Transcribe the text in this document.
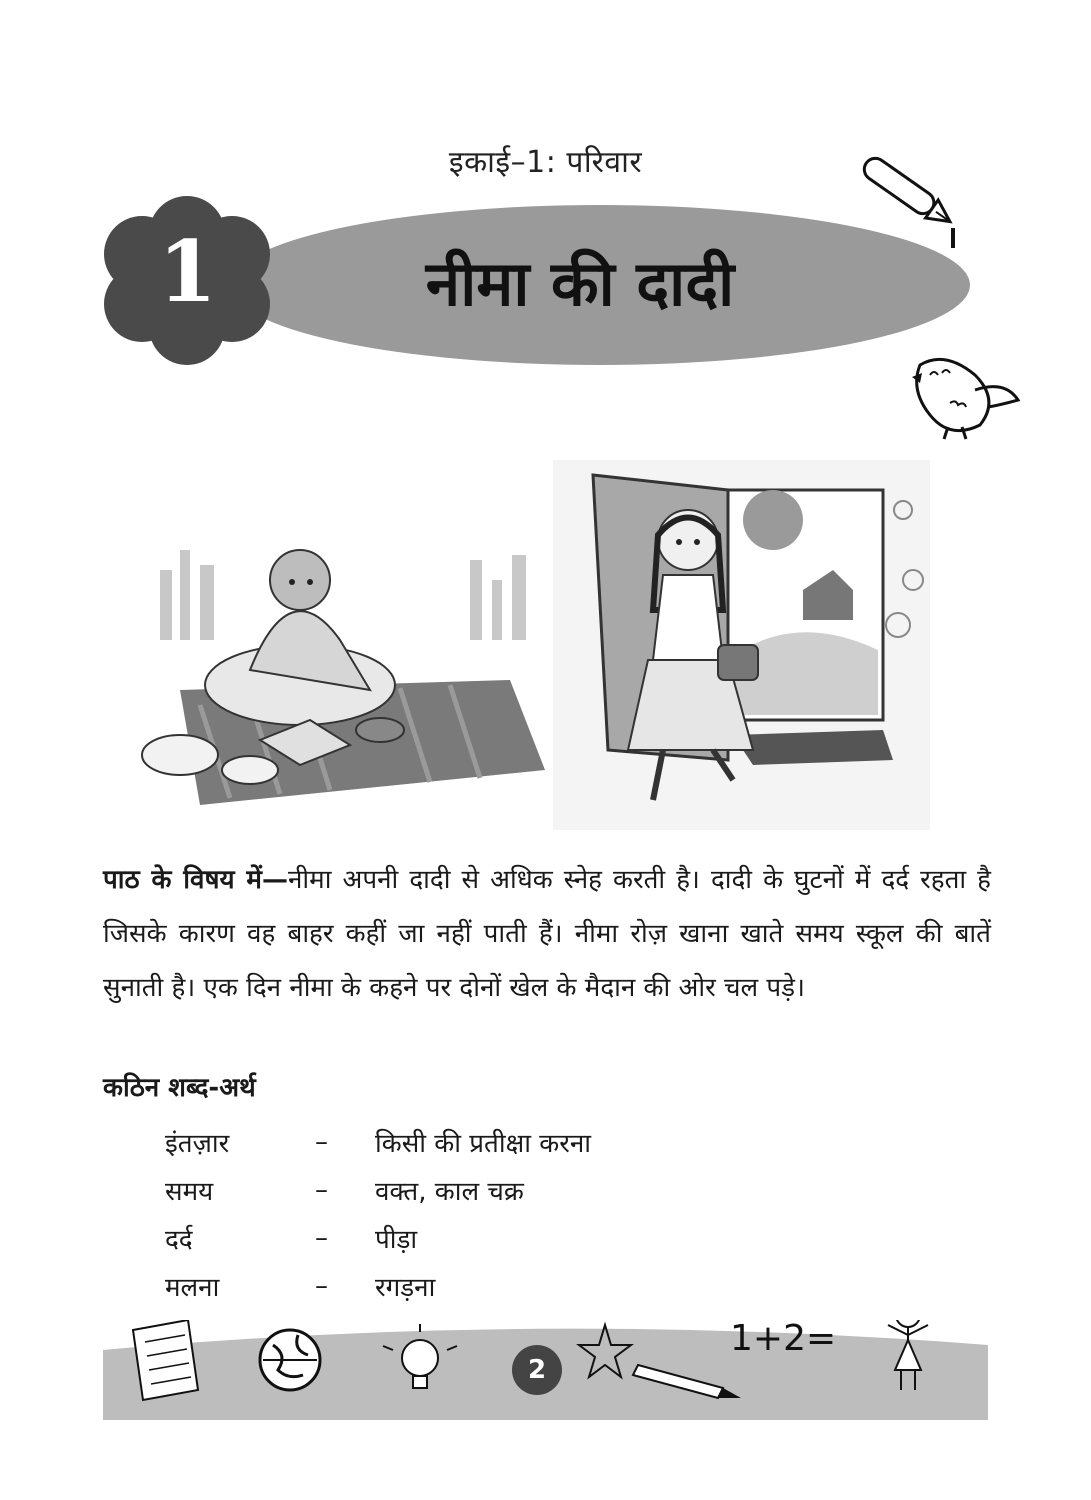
इकाई–1: परिवार
1	नीमा की दादी
पाठ के विषय में—नीमा अपनी दादी से अधिक स्नेह करती है। दादी के घुटनों में दर्द रहता है जिसके कारण वह बाहर कहीं जा नहीं पाती हैं। नीमा रोज़ खाना खाते समय स्कूल की बातें सुनाती है। एक दिन नीमा के कहने पर दोनों खेल के मैदान की ओर चल पड़े।
कठिन शब्द-अर्थ
इंतज़ार	–	किसी की प्रतीक्षा करना
समय	–	वक्त, काल चक्र
दर्द	–	पीड़ा
मलना	–	रगड़ना
1+2=
2
